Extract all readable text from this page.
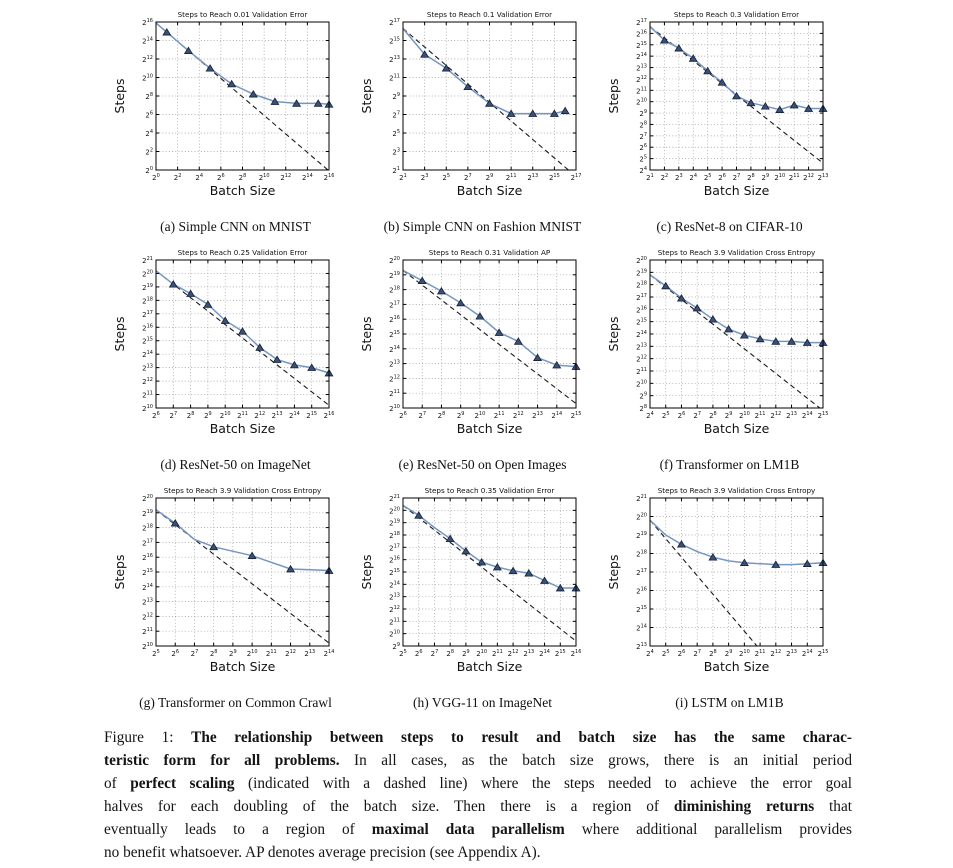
$2^0$ $2^2$ $2^4$ $2^6$ $2^8$ $2^{10}$ $2^{12}$ $2^{14}$ $2^{16}$
$2^0$
$2^2$
$2^4$
$2^6$
$2^8$
$2^{10}$
$2^{12}$
$2^{14}$
$2^{16}$
Steps to Reach 0.01 Validation Error
Batch Size
Steps
(a) Simple CNN on MNIST
$2^1$ $2^3$ $2^5$ $2^7$ $2^9$ $2^{11}$ $2^{13}$ $2^{15}$ $2^{17}$
$2^1$
$2^3$
$2^5$
$2^7$
$2^9$
$2^{11}$
$2^{13}$
$2^{15}$
$2^{17}$
Steps to Reach 0.1 Validation Error
Batch Size
Steps
(b) Simple CNN on Fashion MNIST
$2^1$ $2^2$ $2^3$ $2^4$ $2^5$ $2^6$ $2^7$ $2^8$ $2^9$ $2^{10}$ $2^{11}$ $2^{12}$ $2^{13}$
$2^4$
$2^5$
$2^6$
$2^7$
$2^8$
$2^9$
$2^{10}$
$2^{11}$
$2^{12}$
$2^{13}$
$2^{14}$
$2^{15}$
$2^{16}$
$2^{17}$
Steps to Reach 0.3 Validation Error
Batch Size
Steps
(c) ResNet-8 on CIFAR-10
$2^6$ $2^7$ $2^8$ $2^9$ $2^{10}$ $2^{11}$ $2^{12}$ $2^{13}$ $2^{14}$ $2^{15}$ $2^{16}$
$2^{10}$
$2^{11}$
$2^{12}$
$2^{13}$
$2^{14}$
$2^{15}$
$2^{16}$
$2^{17}$
$2^{18}$
$2^{19}$
$2^{20}$
$2^{21}$
Steps to Reach 0.25 Validation Error
Batch Size
Steps
(d) ResNet-50 on ImageNet
$2^6$ $2^7$ $2^8$ $2^9$ $2^{10}$ $2^{11}$ $2^{12}$ $2^{13}$ $2^{14}$ $2^{15}$
$2^{10}$
$2^{11}$
$2^{12}$
$2^{13}$
$2^{14}$
$2^{15}$
$2^{16}$
$2^{17}$
$2^{18}$
$2^{19}$
$2^{20}$
Steps to Reach 0.31 Validation AP
Batch Size
Steps
(e) ResNet-50 on Open Images
$2^4$ $2^5$ $2^6$ $2^7$ $2^8$ $2^9$ $2^{10}$ $2^{11}$ $2^{12}$ $2^{13}$ $2^{14}$ $2^{15}$
$2^8$
$2^9$
$2^{10}$
$2^{11}$
$2^{12}$
$2^{13}$
$2^{14}$
$2^{15}$
$2^{16}$
$2^{17}$
$2^{18}$
$2^{19}$
$2^{20}$
Steps to Reach 3.9 Validation Cross Entropy
Batch Size
Steps
(f) Transformer on LM1B
$2^5$ $2^6$ $2^7$ $2^8$ $2^9$ $2^{10}$ $2^{11}$ $2^{12}$ $2^{13}$ $2^{14}$
$2^{10}$
$2^{11}$
$2^{12}$
$2^{13}$
$2^{14}$
$2^{15}$
$2^{16}$
$2^{17}$
$2^{18}$
$2^{19}$
$2^{20}$
Steps to Reach 3.9 Validation Cross Entropy
Batch Size
Steps
(g) Transformer on Common Crawl
$2^5$ $2^6$ $2^7$ $2^8$ $2^9$ $2^{10}$ $2^{11}$ $2^{12}$ $2^{13}$ $2^{14}$ $2^{15}$ $2^{16}$
$2^9$
$2^{10}$
$2^{11}$
$2^{12}$
$2^{13}$
$2^{14}$
$2^{15}$
$2^{16}$
$2^{17}$
$2^{18}$
$2^{19}$
$2^{20}$
$2^{21}$
Steps to Reach 0.35 Validation Error
Batch Size
Steps
(h) VGG-11 on ImageNet
$2^4$ $2^5$ $2^6$ $2^7$ $2^8$ $2^9$ $2^{10}$ $2^{11}$ $2^{12}$ $2^{13}$ $2^{14}$ $2^{15}$
$2^{13}$
$2^{14}$
$2^{15}$
$2^{16}$
$2^{17}$
$2^{18}$
$2^{19}$
$2^{20}$
$2^{21}$
Steps to Reach 3.9 Validation Cross Entropy
Batch Size
Steps
(i) LSTM on LM1B
Figure 1: The relationship between steps to result and batch size has the same charac-
teristic form for all problems. In all cases, as the batch size grows, there is an initial period
of perfect scaling (indicated with a dashed line) where the steps needed to achieve the error goal
halves for each doubling of the batch size. Then there is a region of diminishing returns that
eventually leads to a region of maximal data parallelism where additional parallelism provides
no benefit whatsoever. AP denotes average precision (see Appendix A).
